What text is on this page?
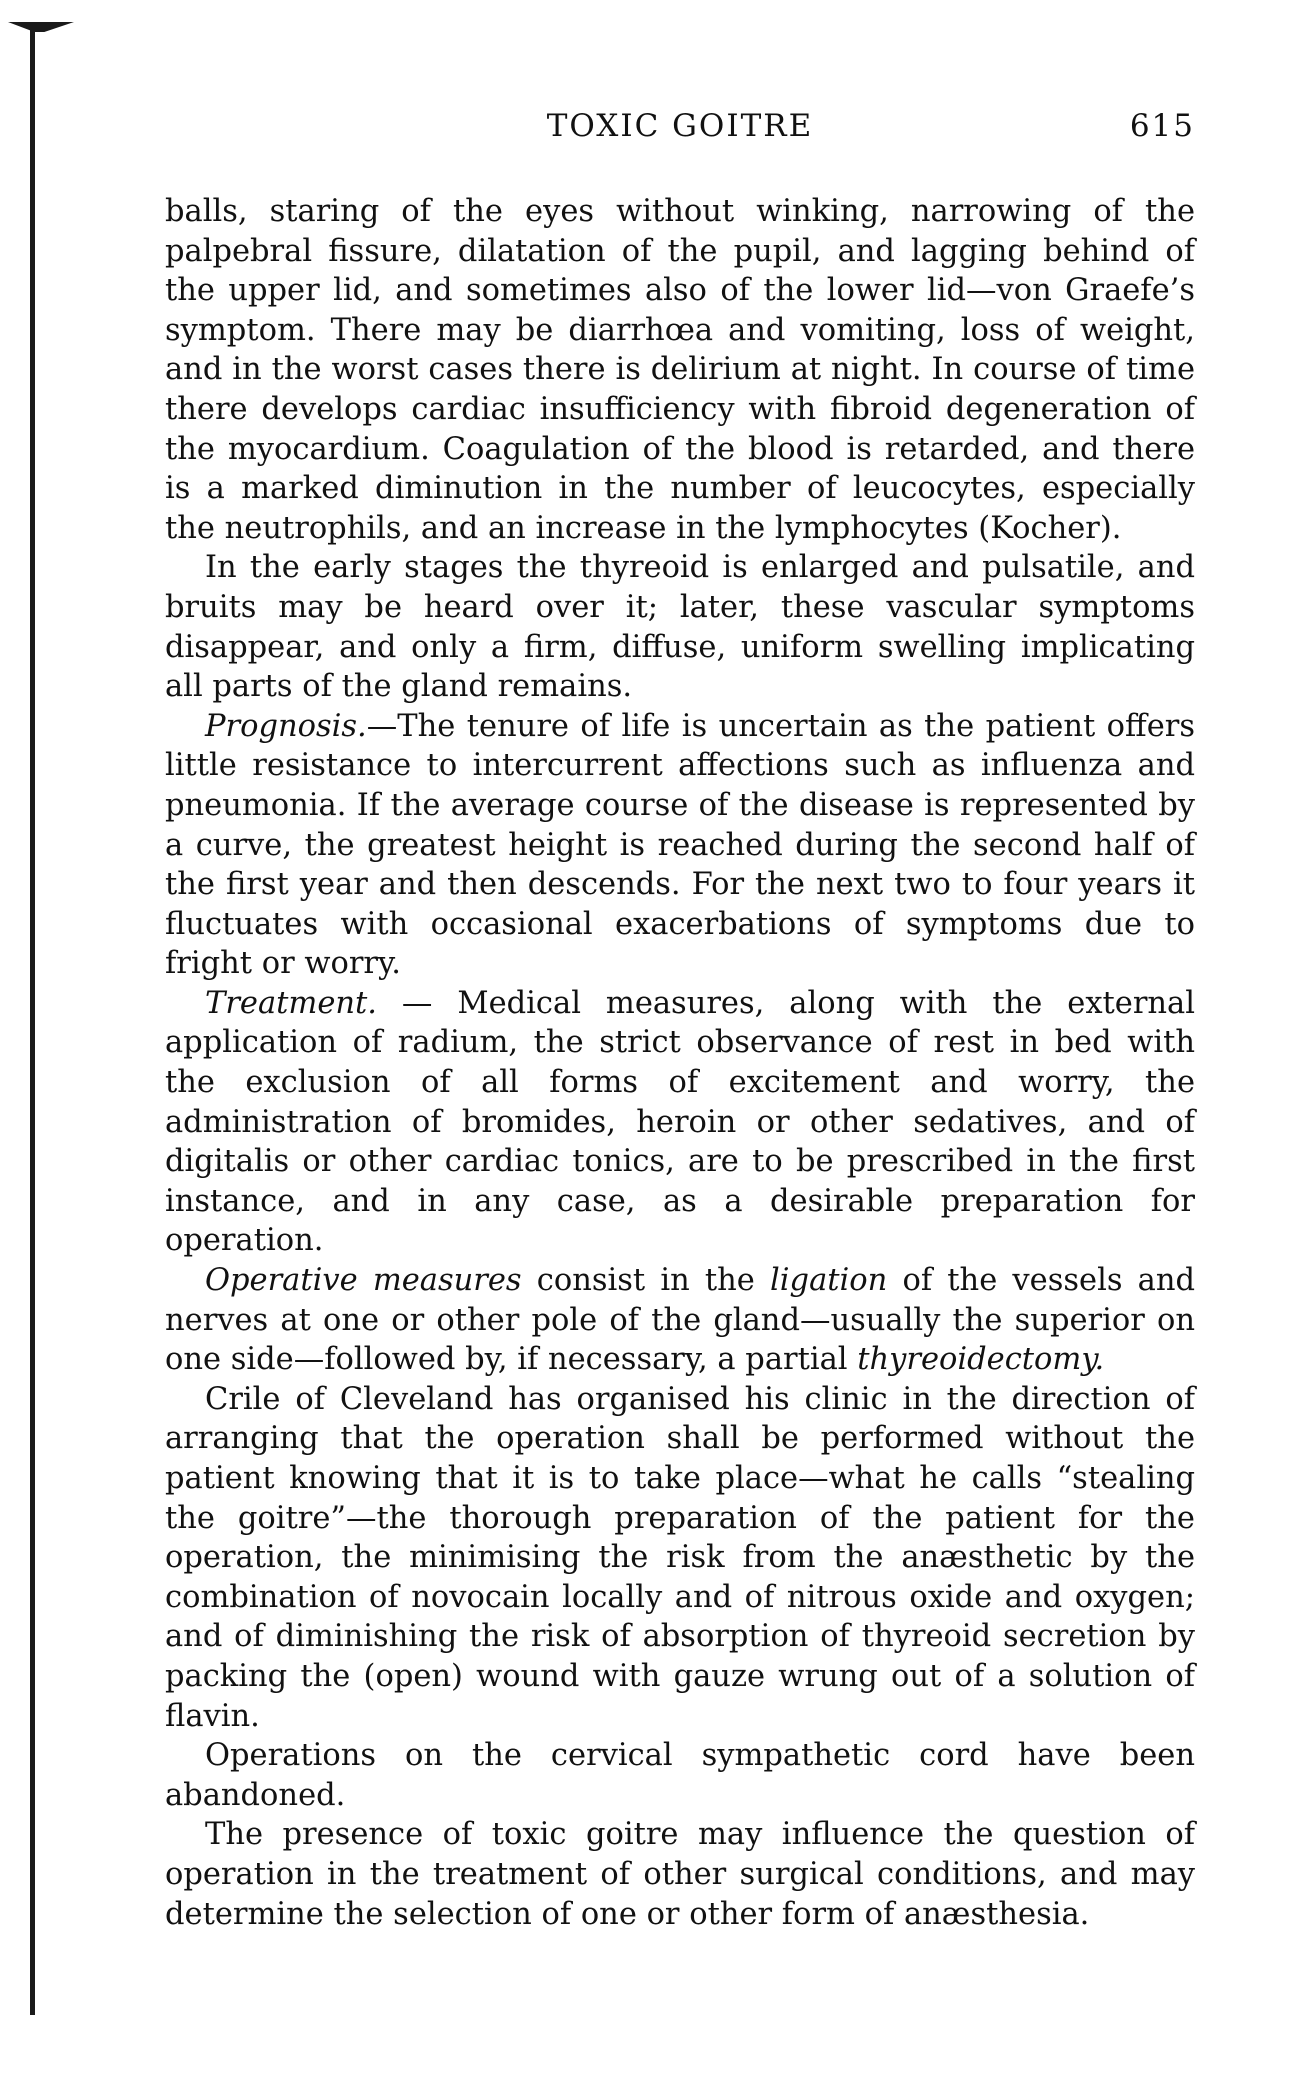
TOXIC GOITRE	615

balls, staring of the eyes without winking, narrowing of the palpebral fissure, dilatation of the pupil, and lagging behind of the upper lid, and sometimes also of the lower lid—von Graefe’s symptom. There may be diarrhœa and vomiting, loss of weight, and in the worst cases there is delirium at night. In course of time there develops cardiac insufficiency with fibroid degeneration of the myocardium. Coagulation of the blood is retarded, and there is a marked diminution in the number of leucocytes, especially the neutrophils, and an increase in the lymphocytes (Kocher).

In the early stages the thyreoid is enlarged and pulsatile, and bruits may be heard over it; later, these vascular symptoms disappear, and only a firm, diffuse, uniform swelling implicating all parts of the gland remains.

Prognosis.—The tenure of life is uncertain as the patient offers little resistance to intercurrent affections such as influenza and pneumonia. If the average course of the disease is represented by a curve, the greatest height is reached during the second half of the first year and then descends. For the next two to four years it fluctuates with occasional exacerbations of symptoms due to fright or worry.

Treatment. — Medical measures, along with the external application of radium, the strict observance of rest in bed with the exclusion of all forms of excitement and worry, the administration of bromides, heroin or other sedatives, and of digitalis or other cardiac tonics, are to be prescribed in the first instance, and in any case, as a desirable preparation for operation.

Operative measures consist in the ligation of the vessels and nerves at one or other pole of the gland—usually the superior on one side—followed by, if necessary, a partial thyreoidectomy.

Crile of Cleveland has organised his clinic in the direction of arranging that the operation shall be performed without the patient knowing that it is to take place—what he calls “stealing the goitre”—the thorough preparation of the patient for the operation, the minimising the risk from the anæsthetic by the combination of novocain locally and of nitrous oxide and oxygen; and of diminishing the risk of absorption of thyreoid secretion by packing the (open) wound with gauze wrung out of a solution of flavin.

Operations on the cervical sympathetic cord have been abandoned.

The presence of toxic goitre may influence the question of operation in the treatment of other surgical conditions, and may determine the selection of one or other form of anæsthesia.
